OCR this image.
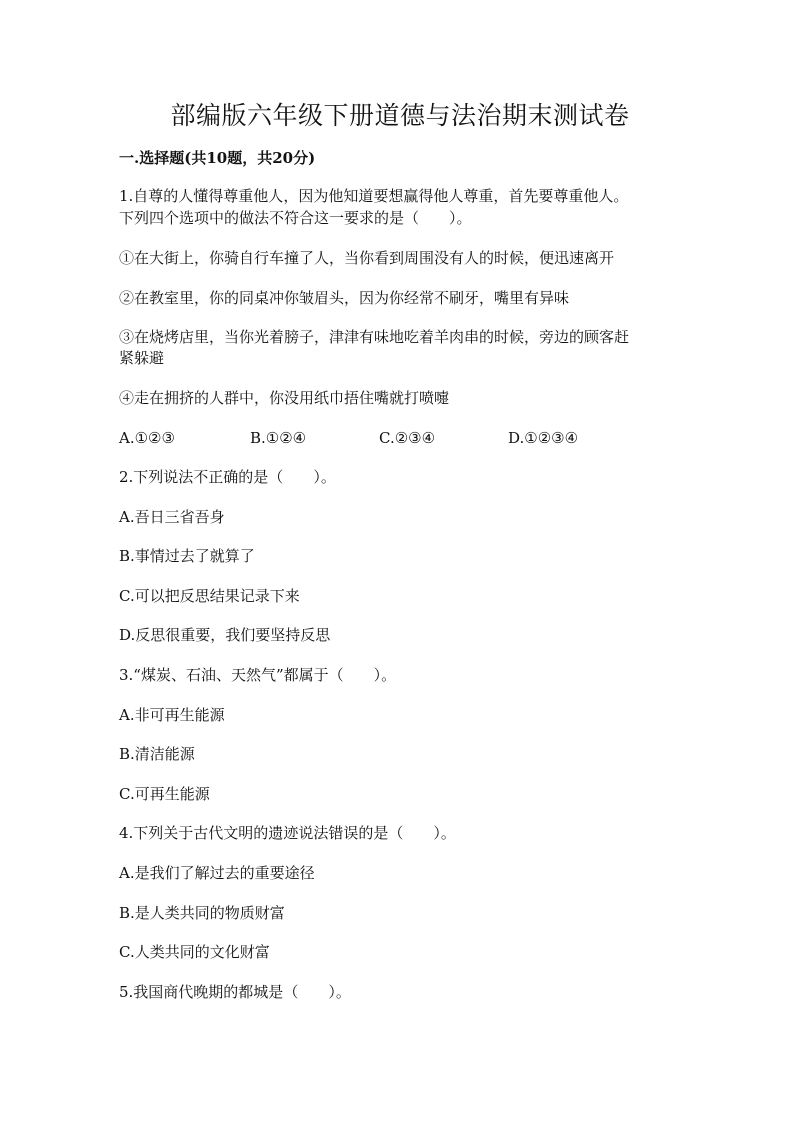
部编版六年级下册道德与法治期末测试卷
一.选择题(共10题，共20分)
1.自尊的人懂得尊重他人，因为他知道要想赢得他人尊重，首先要尊重他人。
下列四个选项中的做法不符合这一要求的是（　　）。
①在大街上，你骑自行车撞了人，当你看到周围没有人的时候，便迅速离开
②在教室里，你的同桌冲你皱眉头，因为你经常不刷牙，嘴里有异味
③在烧烤店里，当你光着膀子，津津有味地吃着羊肉串的时候，旁边的顾客赶
紧躲避
④走在拥挤的人群中，你没用纸巾捂住嘴就打喷嚏
A.①②③	B.①②④	C.②③④	D.①②③④
2.下列说法不正确的是（　　）。
A.吾日三省吾身
B.事情过去了就算了
C.可以把反思结果记录下来
D.反思很重要，我们要坚持反思
3.“煤炭、石油、天然气”都属于（　　）。
A.非可再生能源
B.清洁能源
C.可再生能源
4.下列关于古代文明的遗迹说法错误的是（　　）。
A.是我们了解过去的重要途径
B.是人类共同的物质财富
C.人类共同的文化财富
5.我国商代晚期的都城是（　　）。
